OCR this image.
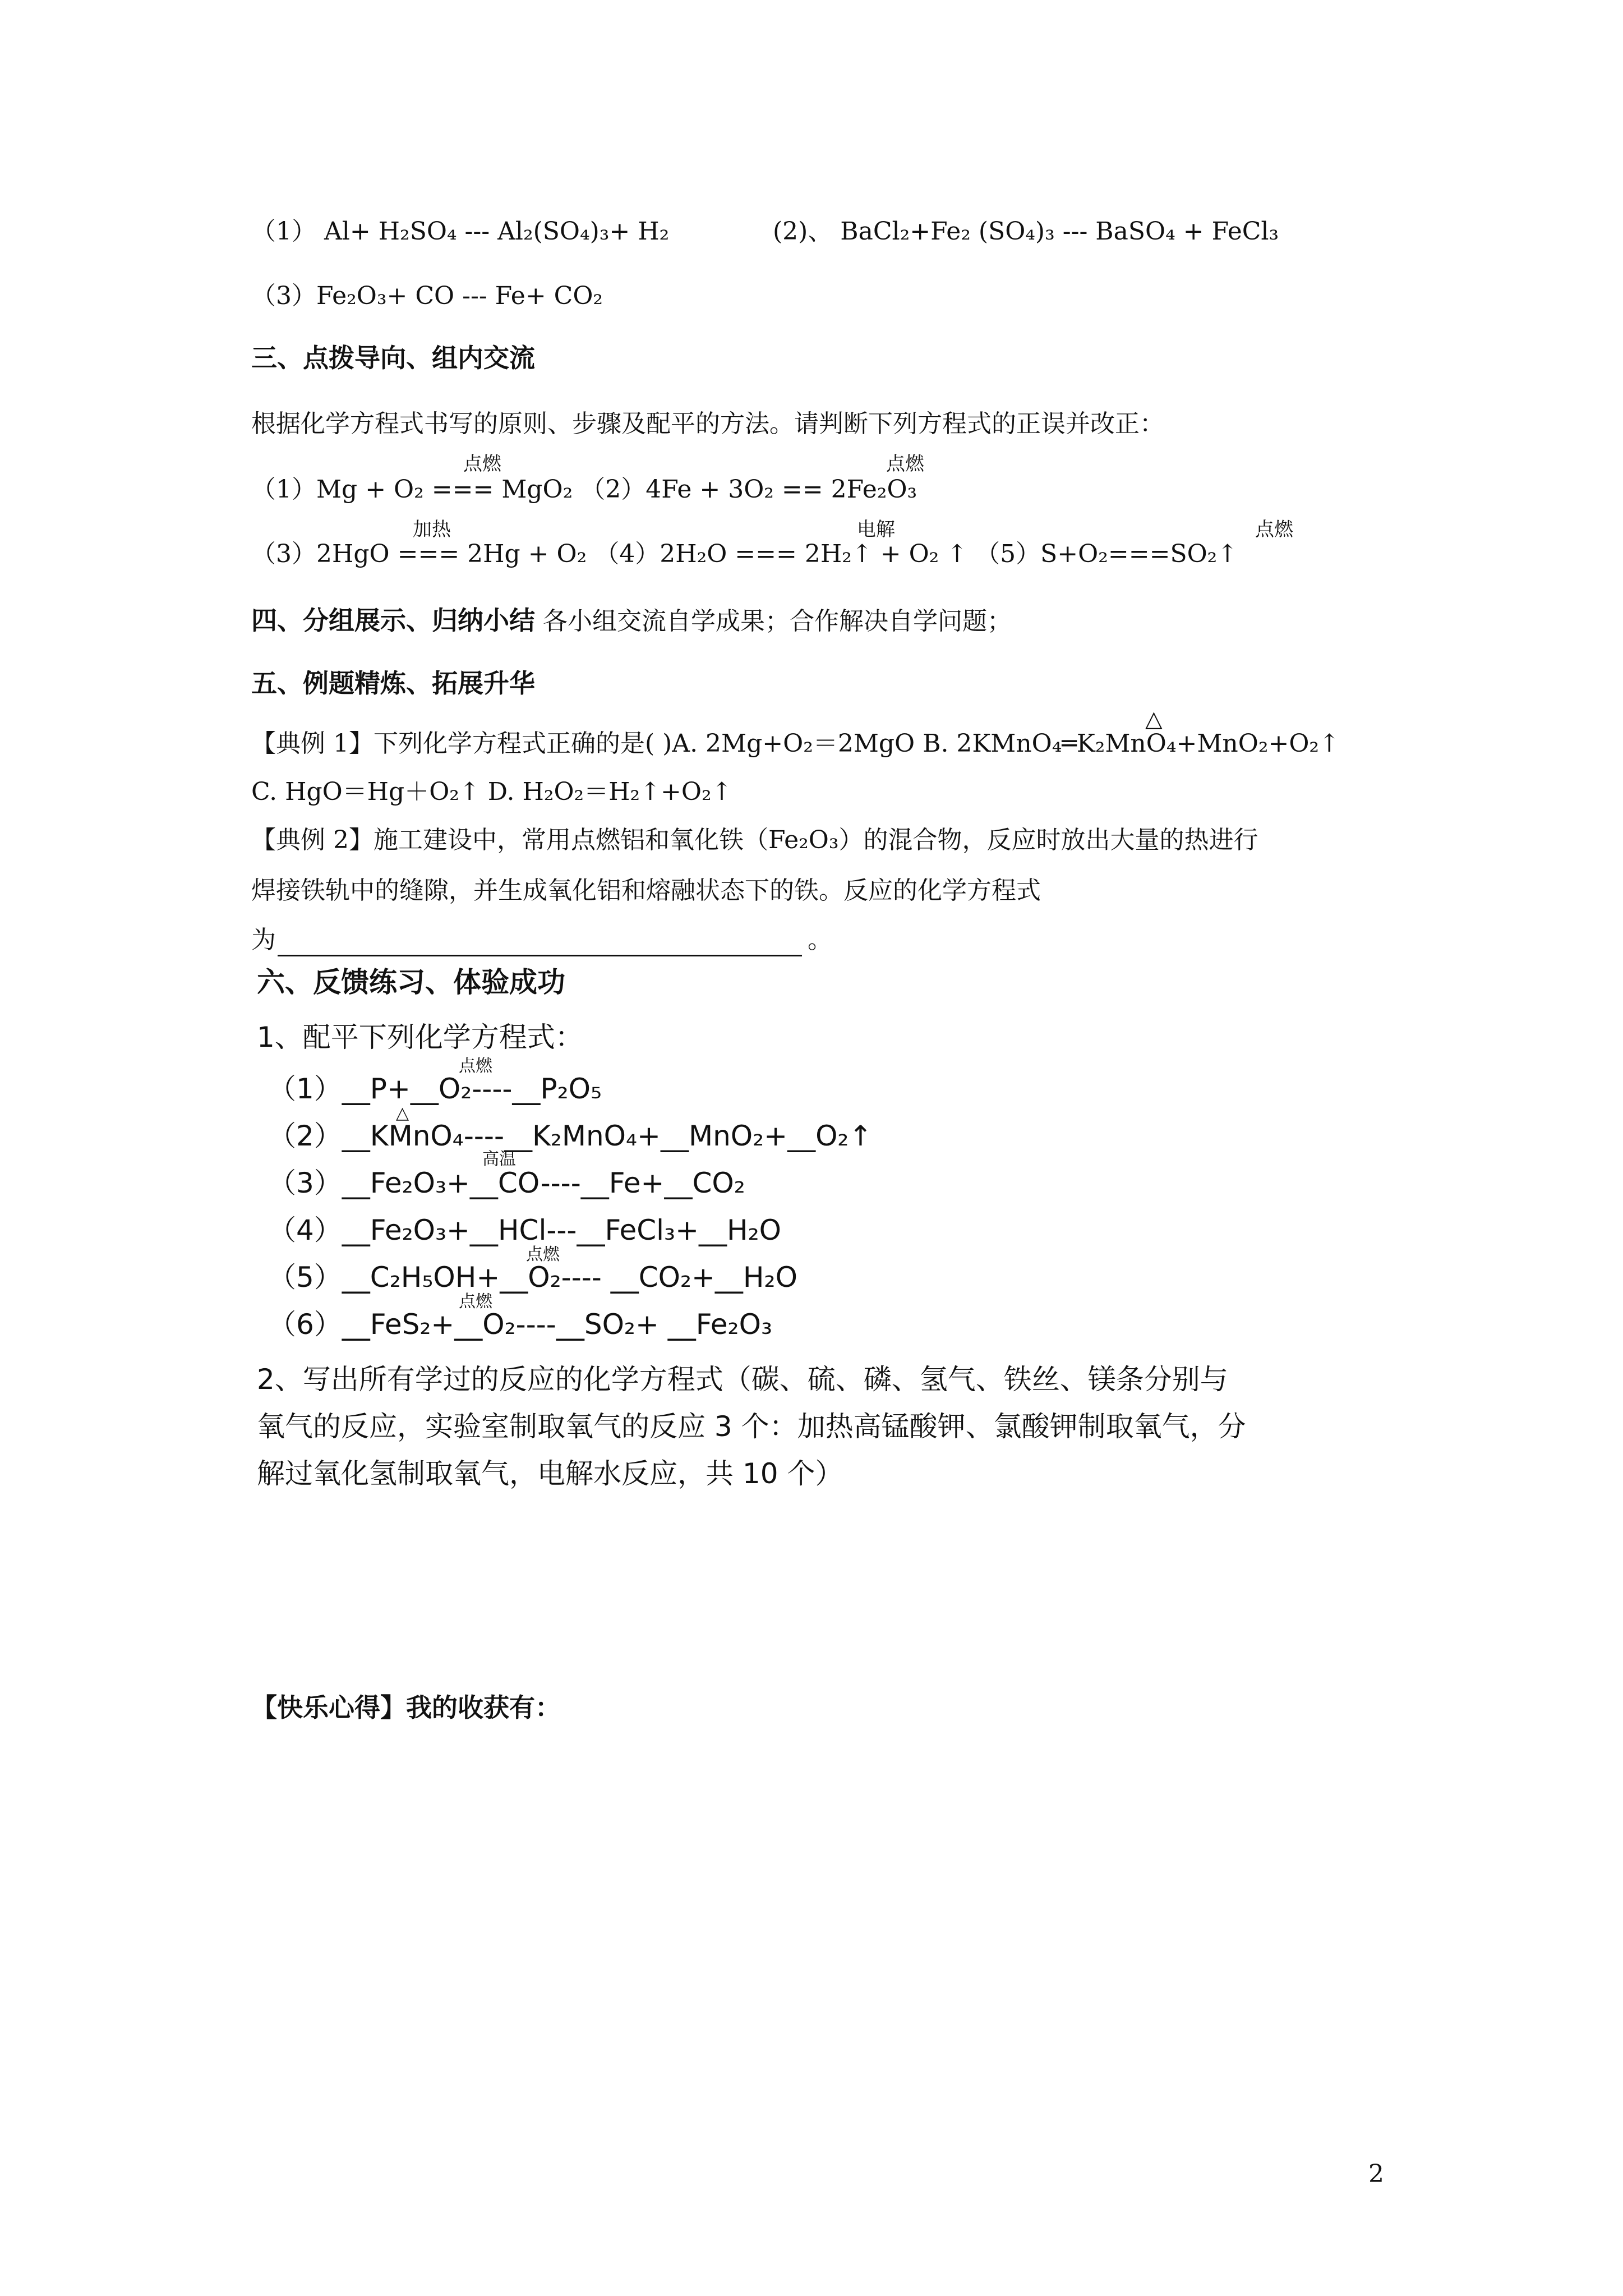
（1） Al+ H₂SO₄ --- Al₂(SO₄)₃+ H₂	(2)、 BaCl₂+Fe₂ (SO₄)₃ --- BaSO₄ + FeCl₃
（3）Fe₂O₃+ CO --- Fe+ CO₂
三、点拨导向、组内交流
根据化学方程式书写的原则、步骤及配平的方法。请判断下列方程式的正误并改正：
点燃	点燃
（1）Mg + O₂ === MgO₂ （2）4Fe + 3O₂ == 2Fe₂O₃
加热	电解	点燃
（3）2HgO === 2Hg + O₂ （4）2H₂O === 2H₂↑ + O₂ ↑ （5）S+O₂===SO₂↑
四、分组展示、归纳小结 各小组交流自学成果；合作解决自学问题；
五、例题精炼、拓展升华
△
【典例 1】下列化学方程式正确的是( )A. 2Mg+O₂＝2MgO B. 2KMnO₄═K₂MnO₄+MnO₂+O₂↑
C. HgO＝Hg＋O₂↑ D. H₂O₂＝H₂↑+O₂↑
【典例 2】施工建设中，常用点燃铝和氧化铁（Fe₂O₃）的混合物，反应时放出大量的热进行
焊接铁轨中的缝隙，并生成氧化铝和熔融状态下的铁。反应的化学方程式
为	。
六、反馈练习、体验成功
1、配平下列化学方程式：
点燃
（1）__P+__O₂----__P₂O₅
△
（2）__KMnO₄----__K₂MnO₄+__MnO₂+__O₂↑
高温
（3）__Fe₂O₃+__CO----__Fe+__CO₂
（4）__Fe₂O₃+__HCl---__FeCl₃+__H₂O
点燃
（5）__C₂H₅OH+__O₂---- __CO₂+__H₂O
点燃
（6）__FeS₂+__O₂----__SO₂+ __Fe₂O₃
2、写出所有学过的反应的化学方程式（碳、硫、磷、氢气、铁丝、镁条分别与
氧气的反应，实验室制取氧气的反应 3 个：加热高锰酸钾、氯酸钾制取氧气，分
解过氧化氢制取氧气，电解水反应，共 10 个）
【快乐心得】我的收获有：
2
